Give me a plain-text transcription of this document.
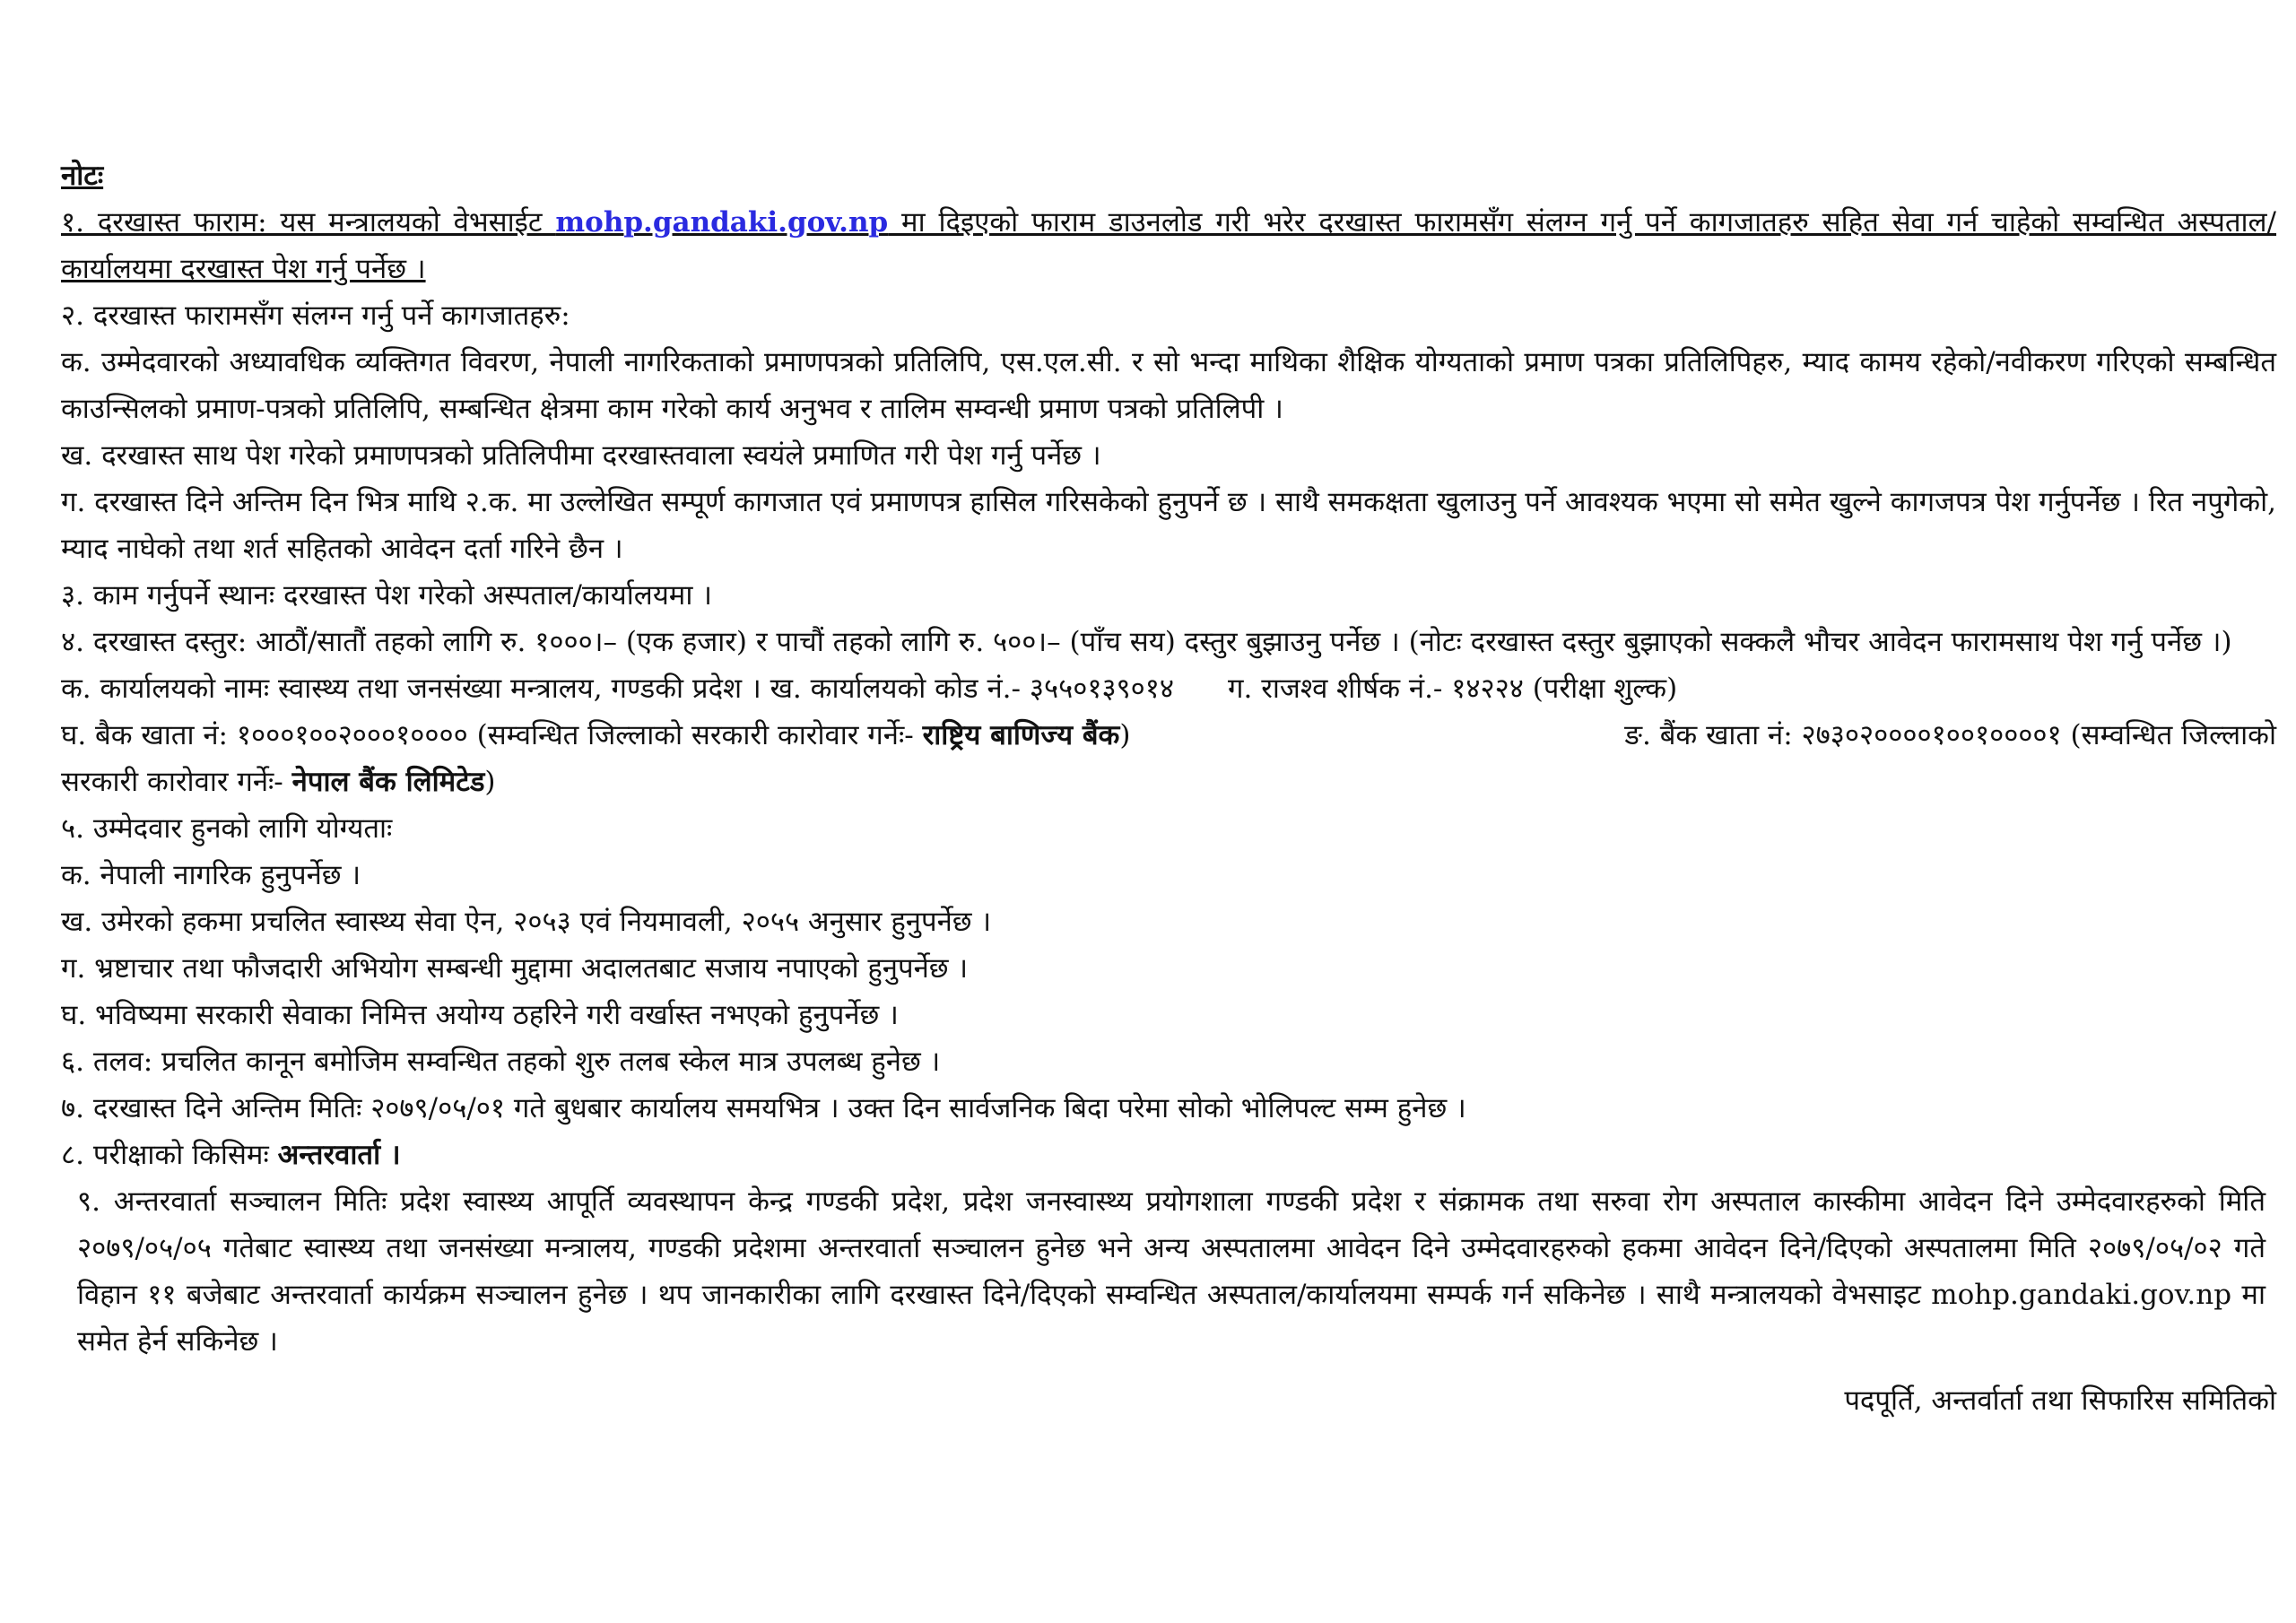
नोटः

१. दरखास्त फाराम: यस मन्त्रालयको वेभसाईट mohp.gandaki.gov.np मा दिइएको फाराम डाउनलोड गरी भरेर दरखास्त फारामसँग संलग्न गर्नु पर्ने कागजातहरु सहित सेवा गर्न चाहेको सम्वन्धित अस्पताल/कार्यालयमा दरखास्त पेश गर्नु पर्नेछ ।

२. दरखास्त फारामसँग संलग्न गर्नु पर्ने कागजातहरु:

क. उम्मेदवारको अध्यावधिक व्यक्तिगत विवरण, नेपाली नागरिकताको प्रमाणपत्रको प्रतिलिपि, एस.एल.सी. र सो भन्दा माथिका शैक्षिक योग्यताको प्रमाण पत्रका प्रतिलिपिहरु, म्याद कामय रहेको/नवीकरण गरिएको सम्बन्धित काउन्सिलको प्रमाण-पत्रको प्रतिलिपि, सम्बन्धित क्षेत्रमा काम गरेको कार्य अनुभव र तालिम सम्वन्धी प्रमाण पत्रको प्रतिलिपी ।

ख. दरखास्त साथ पेश गरेको प्रमाणपत्रको प्रतिलिपीमा दरखास्तवाला स्वयंले प्रमाणित गरी पेश गर्नु पर्नेछ ।

ग. दरखास्त दिने अन्तिम दिन भित्र माथि २.क. मा उल्लेखित सम्पूर्ण कागजात एवं प्रमाणपत्र हासिल गरिसकेको हुनुपर्ने छ । साथै समकक्षता खुलाउनु पर्ने आवश्यक भएमा सो समेत खुल्ने कागजपत्र पेश गर्नुपर्नेछ । रित नपुगेको, म्याद नाघेको तथा शर्त सहितको आवेदन दर्ता गरिने छैन ।

३. काम गर्नुपर्ने स्थानः दरखास्त पेश गरेको अस्पताल/कार्यालयमा ।

४. दरखास्त दस्तुर: आठौं/सातौं तहको लागि रु. १०००।– (एक हजार) र पाचौं तहको लागि रु. ५००।– (पाँच सय) दस्तुर बुझाउनु पर्नेछ । (नोटः दरखास्त दस्तुर बुझाएको सक्कलै भौचर आवेदन फारामसाथ पेश गर्नु पर्नेछ ।)

क. कार्यालयको नामः स्वास्थ्य तथा जनसंख्या मन्त्रालय, गण्डकी प्रदेश । ख. कार्यालयको कोड नं.- ३५५०१३९०१४ ग. राजश्व शीर्षक नं.- १४२२४ (परीक्षा शुल्क)
घ. बैक खाता नं: १०००१००२०००१०००० (सम्वन्धित जिल्लाको सरकारी कारोवार गर्नेः- राष्ट्रिय बाणिज्य बैंक)	ङ. बैंक खाता नं: २७३०२००००१००१००००१ (सम्वन्धित जिल्लाको

सरकारी कारोवार गर्नेः- नेपाल बैंक लिमिटेड)

५. उम्मेदवार हुनको लागि योग्यताः

क. नेपाली नागरिक हुनुपर्नेछ ।

ख. उमेरको हकमा प्रचलित स्वास्थ्य सेवा ऐन, २०५३ एवं नियमावली, २०५५ अनुसार हुनुपर्नेछ ।

ग. भ्रष्टाचार तथा फौजदारी अभियोग सम्बन्धी मुद्दामा अदालतबाट सजाय नपाएको हुनुपर्नेछ ।

घ. भविष्यमा सरकारी सेवाका निमित्त अयोग्य ठहरिने गरी वर्खास्त नभएको हुनुपर्नेछ ।

६. तलव: प्रचलित कानून बमोजिम सम्वन्धित तहको शुरु तलब स्केल मात्र उपलब्ध हुनेछ ।

७. दरखास्त दिने अन्तिम मितिः २०७९/०५/०१ गते बुधबार कार्यालय समयभित्र । उक्त दिन सार्वजनिक बिदा परेमा सोको भोलिपल्ट सम्म हुनेछ ।

८. परीक्षाको किसिमः अन्तरवार्ता ।

९. अन्तरवार्ता सञ्चालन मितिः प्रदेश स्वास्थ्य आपूर्ति व्यवस्थापन केन्द्र गण्डकी प्रदेश, प्रदेश जनस्वास्थ्य प्रयोगशाला गण्डकी प्रदेश र संक्रामक तथा सरुवा रोग अस्पताल कास्कीमा आवेदन दिने उम्मेदवारहरुको मिति २०७९/०५/०५ गतेबाट स्वास्थ्य तथा जनसंख्या मन्त्रालय, गण्डकी प्रदेशमा अन्तरवार्ता सञ्चालन हुनेछ भने अन्य अस्पतालमा आवेदन दिने उम्मेदवारहरुको हकमा आवेदन दिने/दिएको अस्पतालमा मिति २०७९/०५/०२ गते विहान ११ बजेबाट अन्तरवार्ता कार्यक्रम सञ्चालन हुनेछ । थप जानकारीका लागि दरखास्त दिने/दिएको सम्वन्धित अस्पताल/कार्यालयमा सम्पर्क गर्न सकिनेछ । साथै मन्त्रालयको वेभसाइट mohp.gandaki.gov.np मा समेत हेर्न सकिनेछ ।

पदपूर्ति, अन्तर्वार्ता तथा सिफारिस समितिको
